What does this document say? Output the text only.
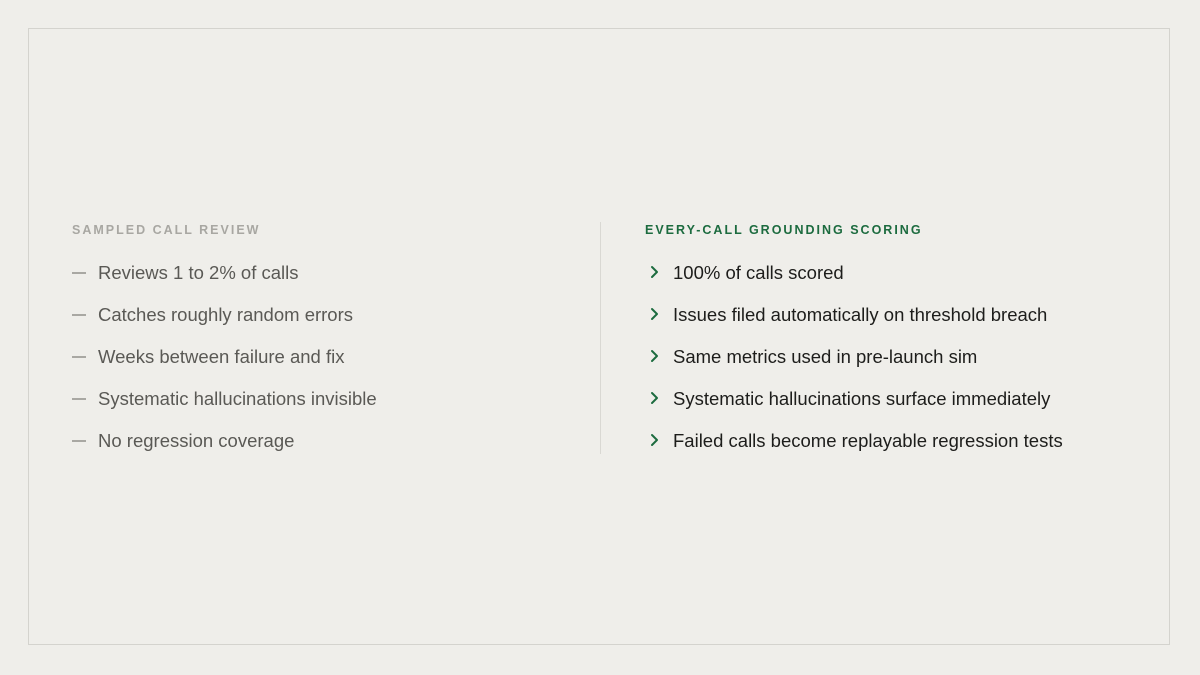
SAMPLED CALL REVIEW
Reviews 1 to 2% of calls
Catches roughly random errors
Weeks between failure and fix
Systematic hallucinations invisible
No regression coverage
EVERY-CALL GROUNDING SCORING
100% of calls scored
Issues filed automatically on threshold breach
Same metrics used in pre-launch sim
Systematic hallucinations surface immediately
Failed calls become replayable regression tests
